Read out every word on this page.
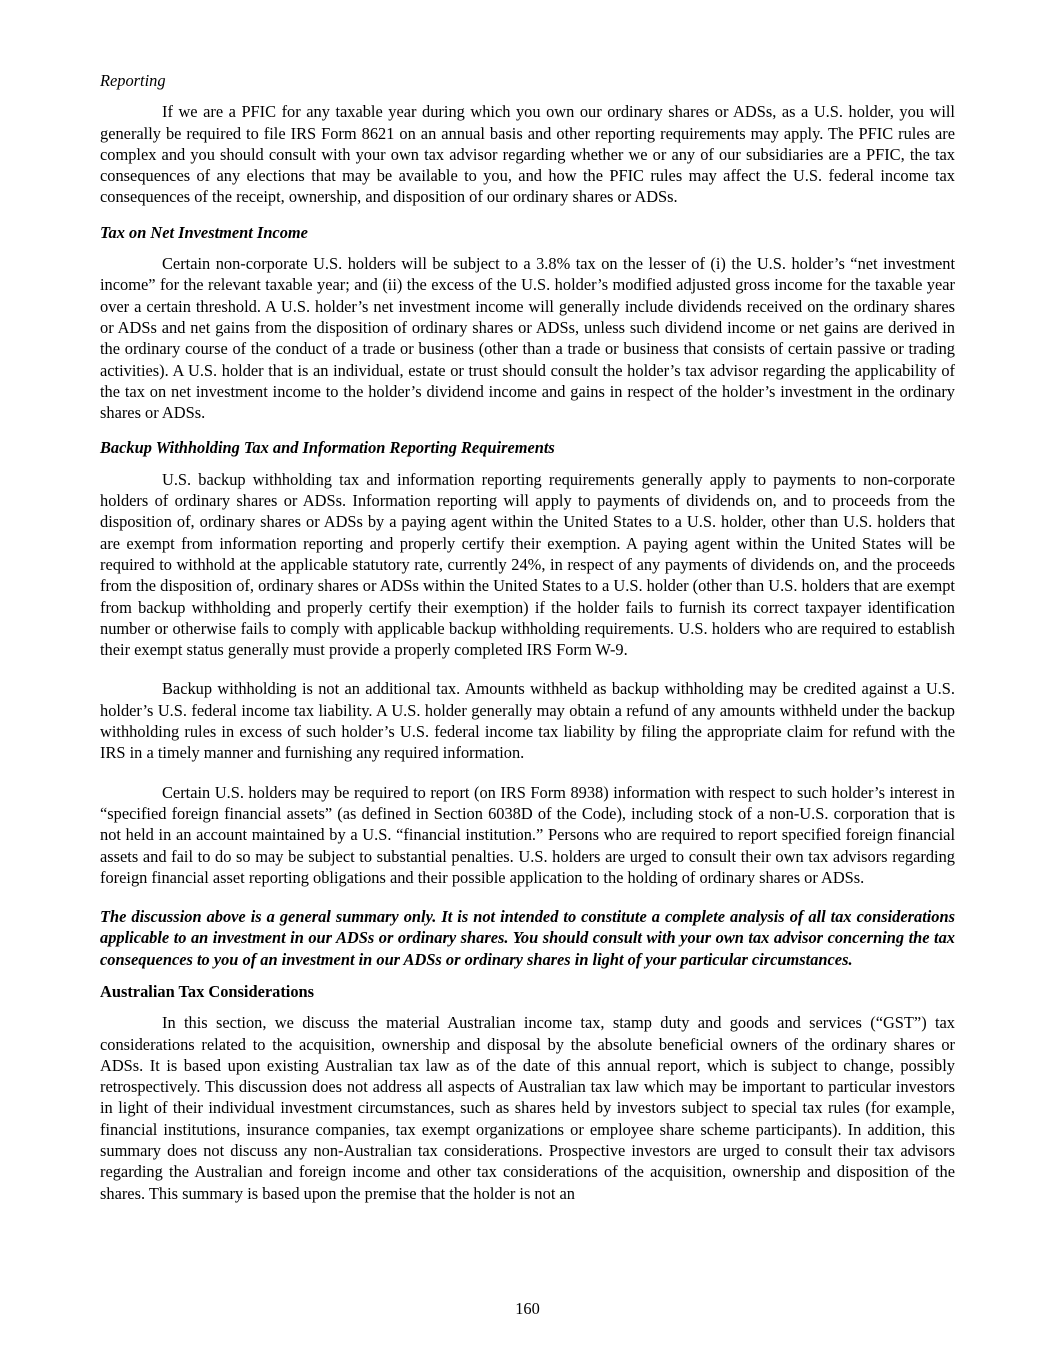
Reporting
If we are a PFIC for any taxable year during which you own our ordinary shares or ADSs, as a U.S. holder, you will generally be required to file IRS Form 8621 on an annual basis and other reporting requirements may apply. The PFIC rules are complex and you should consult with your own tax advisor regarding whether we or any of our subsidiaries are a PFIC, the tax consequences of any elections that may be available to you, and how the PFIC rules may affect the U.S. federal income tax consequences of the receipt, ownership, and disposition of our ordinary shares or ADSs.
Tax on Net Investment Income
Certain non-corporate U.S. holders will be subject to a 3.8% tax on the lesser of (i) the U.S. holder’s “net investment income” for the relevant taxable year; and (ii) the excess of the U.S. holder’s modified adjusted gross income for the taxable year over a certain threshold. A U.S. holder’s net investment income will generally include dividends received on the ordinary shares or ADSs and net gains from the disposition of ordinary shares or ADSs, unless such dividend income or net gains are derived in the ordinary course of the conduct of a trade or business (other than a trade or business that consists of certain passive or trading activities). A U.S. holder that is an individual, estate or trust should consult the holder’s tax advisor regarding the applicability of the tax on net investment income to the holder’s dividend income and gains in respect of the holder’s investment in the ordinary shares or ADSs.
Backup Withholding Tax and Information Reporting Requirements
U.S. backup withholding tax and information reporting requirements generally apply to payments to non-corporate holders of ordinary shares or ADSs. Information reporting will apply to payments of dividends on, and to proceeds from the disposition of, ordinary shares or ADSs by a paying agent within the United States to a U.S. holder, other than U.S. holders that are exempt from information reporting and properly certify their exemption. A paying agent within the United States will be required to withhold at the applicable statutory rate, currently 24%, in respect of any payments of dividends on, and the proceeds from the disposition of, ordinary shares or ADSs within the United States to a U.S. holder (other than U.S. holders that are exempt from backup withholding and properly certify their exemption) if the holder fails to furnish its correct taxpayer identification number or otherwise fails to comply with applicable backup withholding requirements. U.S. holders who are required to establish their exempt status generally must provide a properly completed IRS Form W-9.
Backup withholding is not an additional tax. Amounts withheld as backup withholding may be credited against a U.S. holder’s U.S. federal income tax liability. A U.S. holder generally may obtain a refund of any amounts withheld under the backup withholding rules in excess of such holder’s U.S. federal income tax liability by filing the appropriate claim for refund with the IRS in a timely manner and furnishing any required information.
Certain U.S. holders may be required to report (on IRS Form 8938) information with respect to such holder’s interest in “specified foreign financial assets” (as defined in Section 6038D of the Code), including stock of a non-U.S. corporation that is not held in an account maintained by a U.S. “financial institution.” Persons who are required to report specified foreign financial assets and fail to do so may be subject to substantial penalties. U.S. holders are urged to consult their own tax advisors regarding foreign financial asset reporting obligations and their possible application to the holding of ordinary shares or ADSs.
The discussion above is a general summary only. It is not intended to constitute a complete analysis of all tax considerations applicable to an investment in our ADSs or ordinary shares. You should consult with your own tax advisor concerning the tax consequences to you of an investment in our ADSs or ordinary shares in light of your particular circumstances.
Australian Tax Considerations
In this section, we discuss the material Australian income tax, stamp duty and goods and services (“GST”) tax considerations related to the acquisition, ownership and disposal by the absolute beneficial owners of the ordinary shares or ADSs. It is based upon existing Australian tax law as of the date of this annual report, which is subject to change, possibly retrospectively. This discussion does not address all aspects of Australian tax law which may be important to particular investors in light of their individual investment circumstances, such as shares held by investors subject to special tax rules (for example, financial institutions, insurance companies, tax exempt organizations or employee share scheme participants). In addition, this summary does not discuss any non-Australian tax considerations. Prospective investors are urged to consult their tax advisors regarding the Australian and foreign income and other tax considerations of the acquisition, ownership and disposition of the shares. This summary is based upon the premise that the holder is not an
160
